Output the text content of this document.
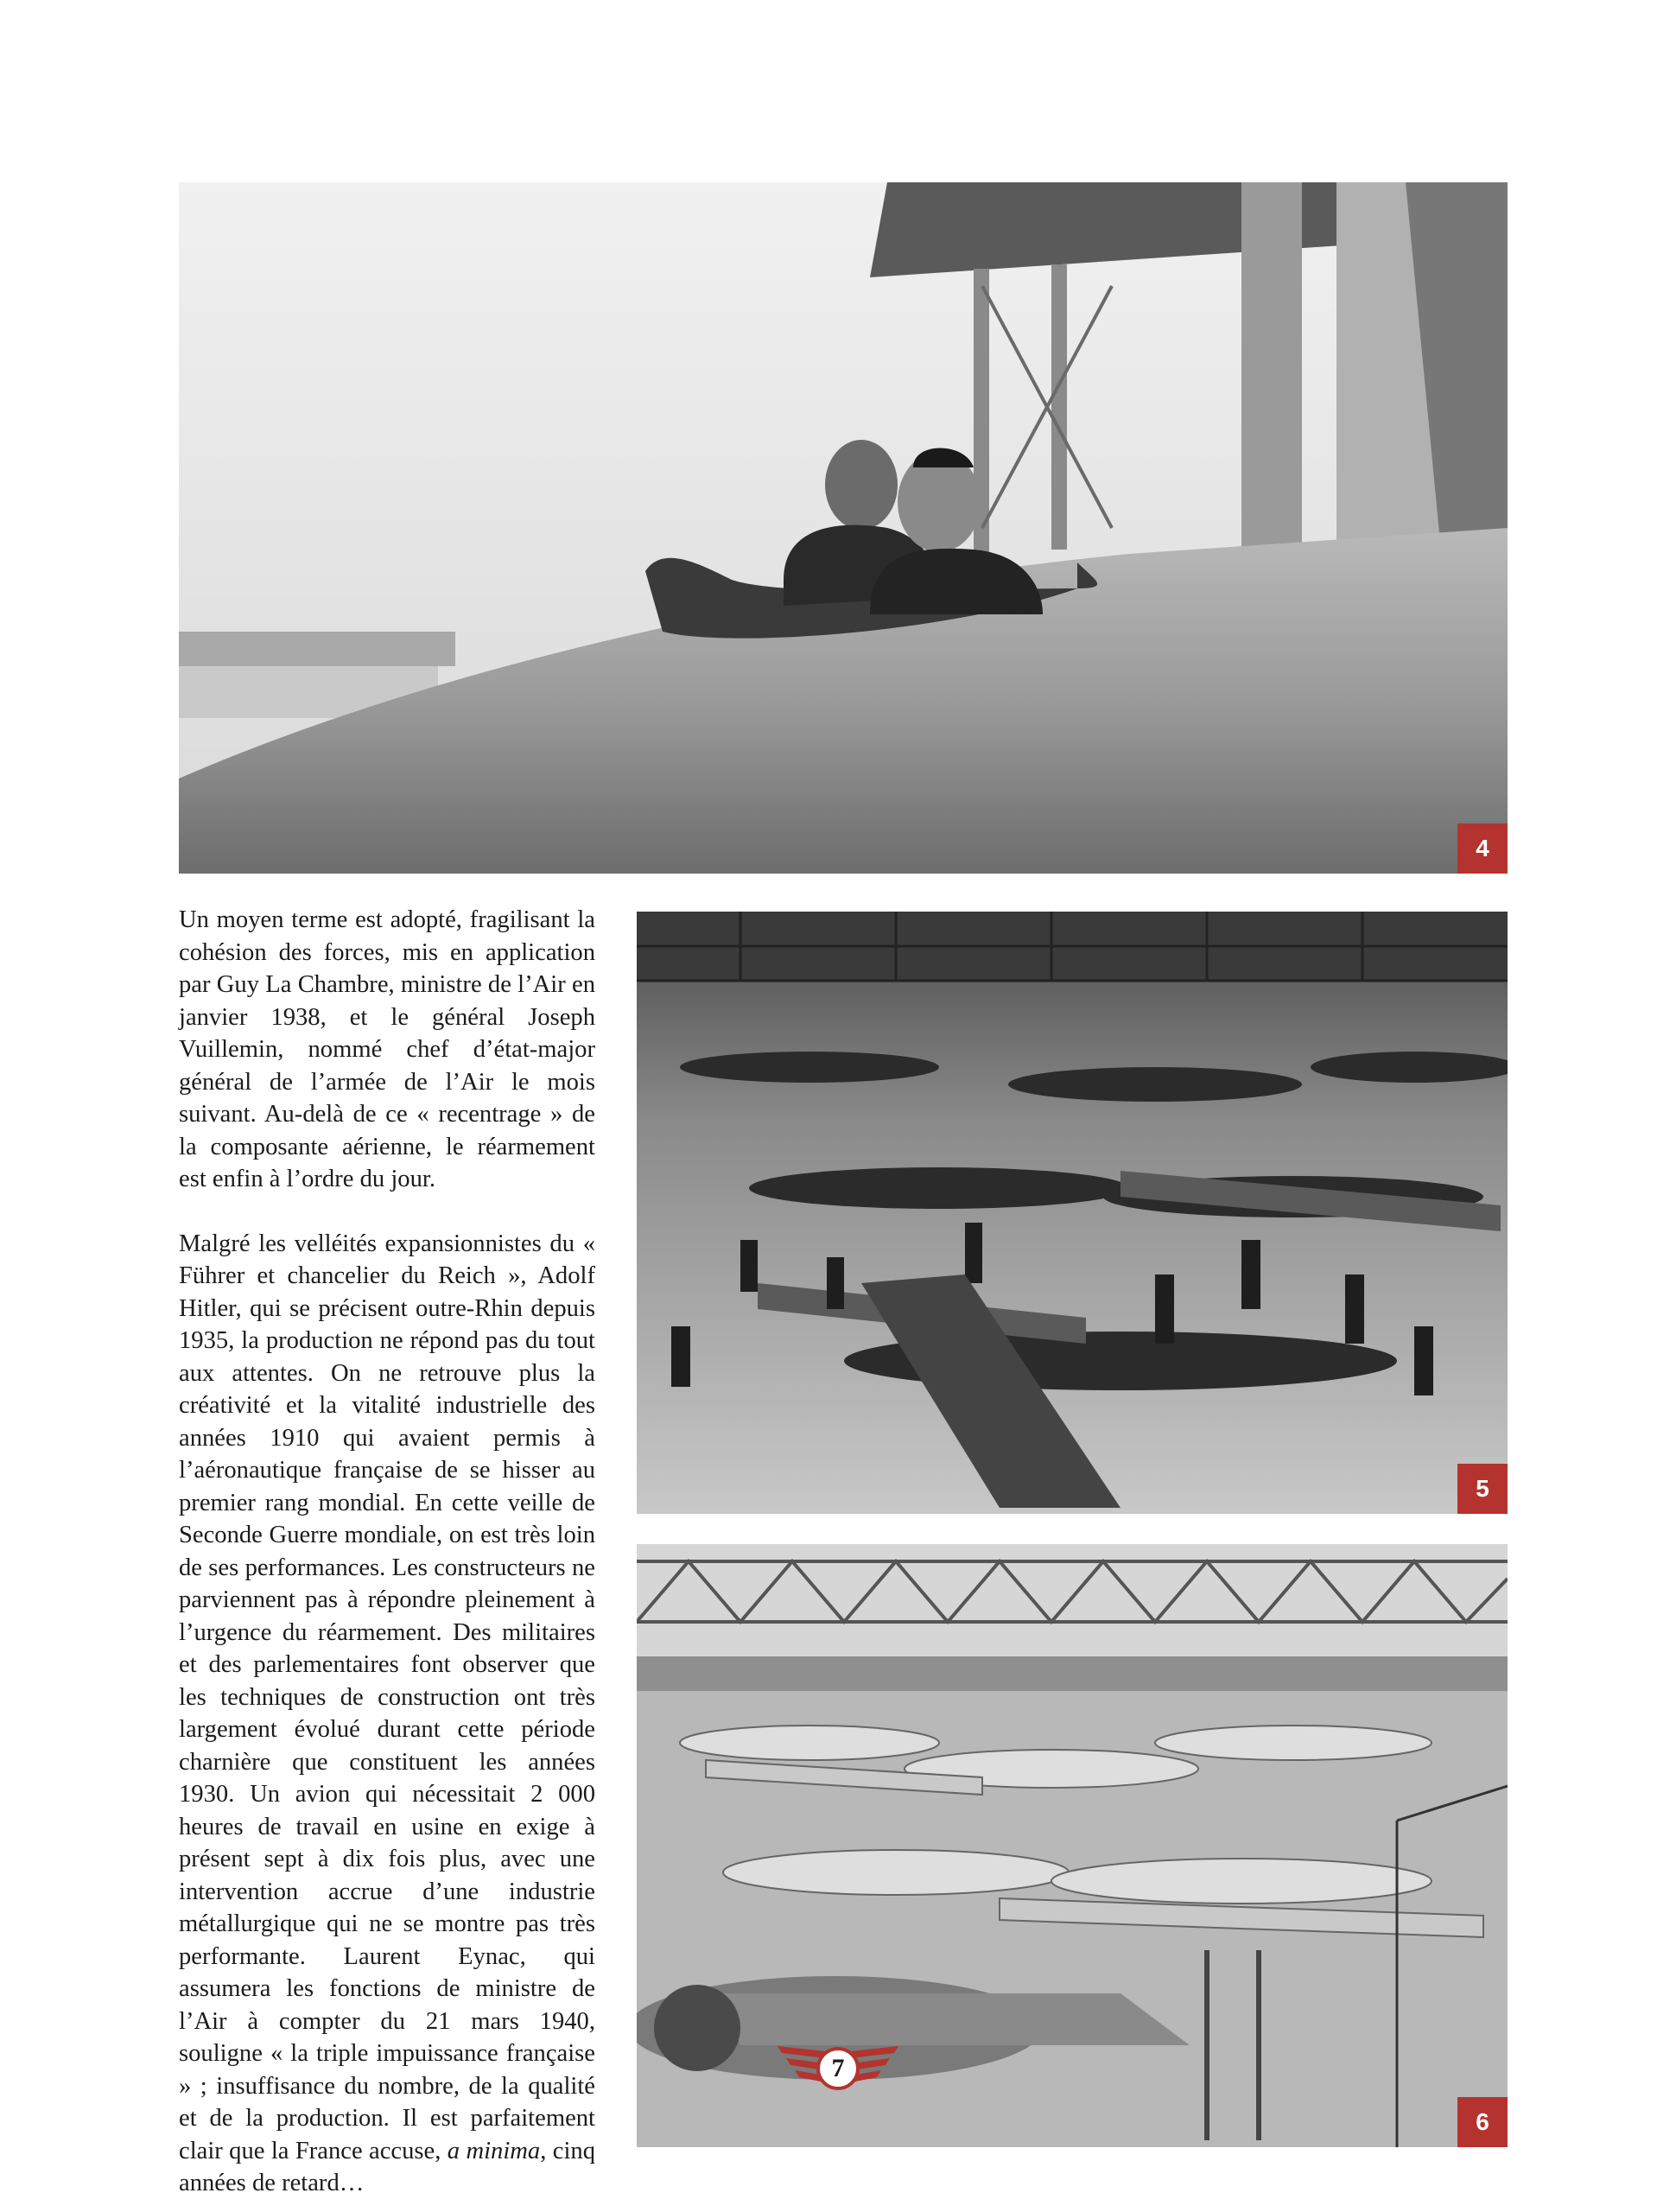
4

Un moyen terme est adopté, fragilisant la cohésion des forces, mis en application par Guy La Chambre, ministre de l’Air en janvier 1938, et le général Joseph Vuillemin, nommé chef d’état-major général de l’armée de l’Air le mois suivant. Au-delà de ce « recentrage » de la composante aérienne, le réarmement est enfin à l’ordre du jour.

Malgré les velléités expansionnistes du « Führer et chancelier du Reich », Adolf Hitler, qui se précisent outre-Rhin depuis 1935, la production ne répond pas du tout aux attentes. On ne retrouve plus la créativité et la vitalité industrielle des années 1910 qui avaient permis à l’aéronautique française de se hisser au premier rang mondial. En cette veille de Seconde Guerre mondiale, on est très loin de ses performances. Les constructeurs ne parviennent pas à répondre pleinement à l’urgence du réarmement. Des militaires et des parlementaires font observer que les techniques de construction ont très largement évolué durant cette période charnière que constituent les années 1930. Un avion qui nécessitait 2 000 heures de travail en usine en exige à présent sept à dix fois plus, avec une intervention accrue d’une industrie métallurgique qui ne se montre pas très performante. Laurent Eynac, qui assumera les fonctions de ministre de l’Air à compter du 21 mars 1940, souligne « la triple impuissance française » ; insuffisance du nombre, de la qualité et de la production. Il est parfaitement clair que la France accuse, a minima, cinq années de retard…

5
6
7
